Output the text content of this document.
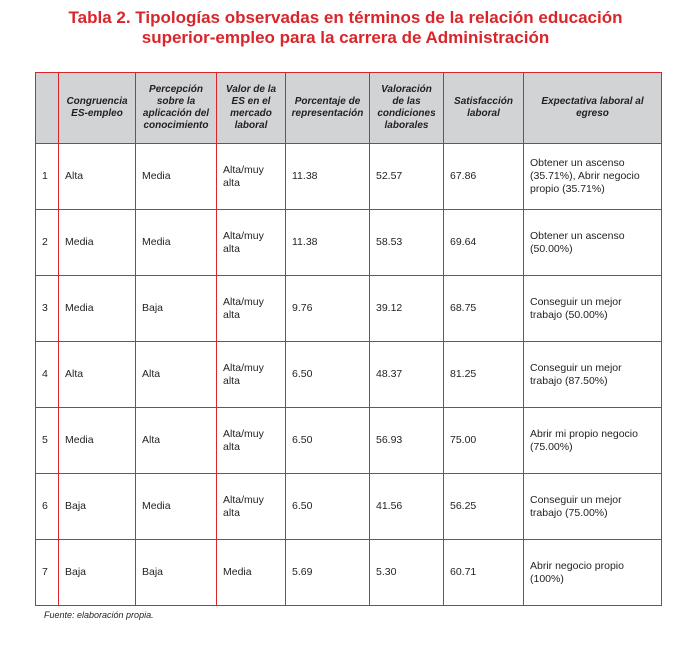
Tabla 2. Tipologías observadas en términos de la relación educación
superior-empleo para la carrera de Administración
	Congruencia ES-empleo	Percepción sobre la aplicación del conocimiento	Valor de la ES en el mercado laboral	Porcentaje de representación	Valoración de las condiciones laborales	Satisfacción laboral	Expectativa laboral al egreso
1	Alta	Media	Alta/muy alta	11.38	52.57	67.86	Obtener un ascenso (35.71%), Abrir negocio propio (35.71%)
2	Media	Media	Alta/muy alta	11.38	58.53	69.64	Obtener un ascenso (50.00%)
3	Media	Baja	Alta/muy alta	9.76	39.12	68.75	Conseguir un mejor trabajo (50.00%)
4	Alta	Alta	Alta/muy alta	6.50	48.37	81.25	Conseguir un mejor trabajo (87.50%)
5	Media	Alta	Alta/muy alta	6.50	56.93	75.00	Abrir mi propio negocio (75.00%)
6	Baja	Media	Alta/muy alta	6.50	41.56	56.25	Conseguir un mejor trabajo (75.00%)
7	Baja	Baja	Media	5.69	5.30	60.71	Abrir negocio propio (100%)
Fuente: elaboración propia.
